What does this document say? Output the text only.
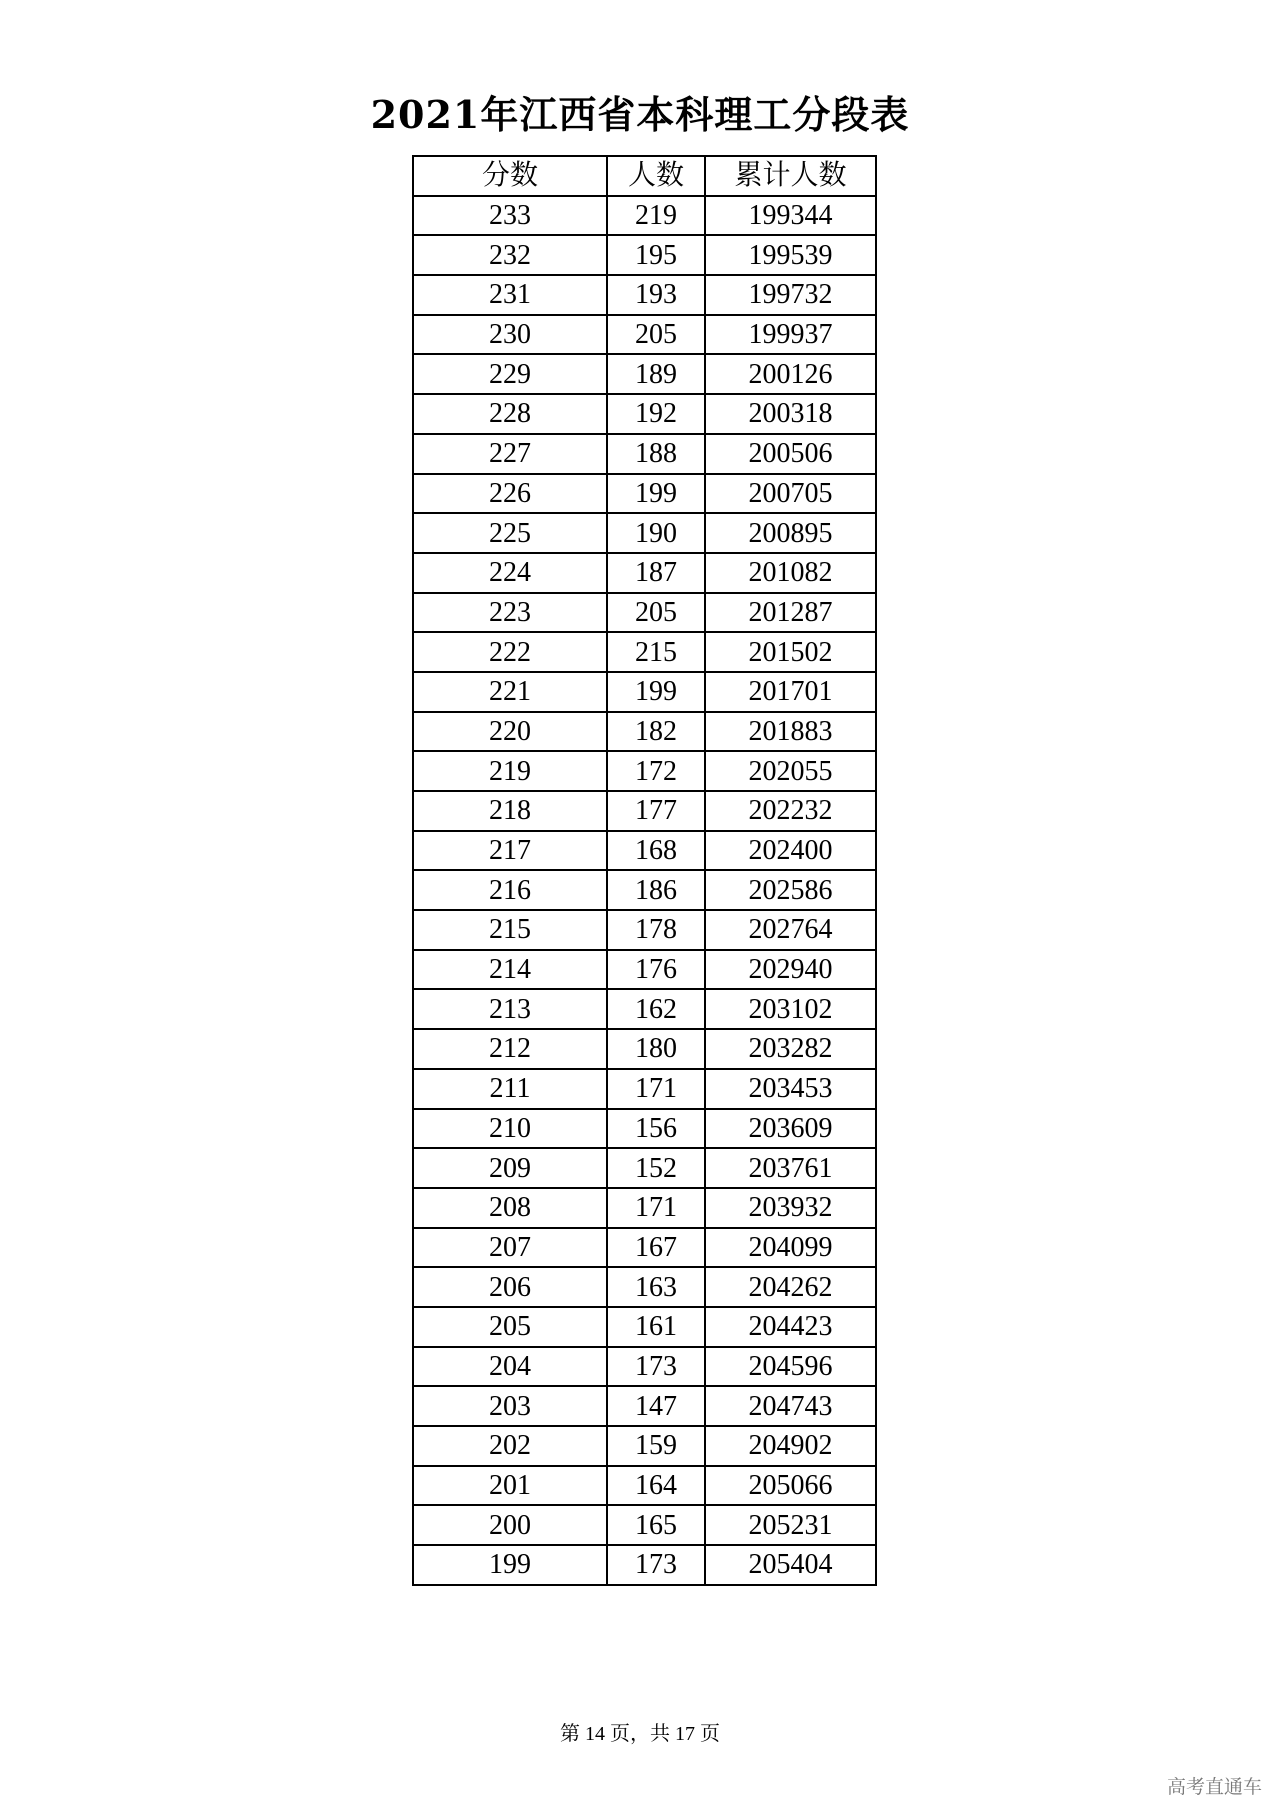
2021年江西省本科理工分段表
分数	人数	累计人数
233	219	199344
232	195	199539
231	193	199732
230	205	199937
229	189	200126
228	192	200318
227	188	200506
226	199	200705
225	190	200895
224	187	201082
223	205	201287
222	215	201502
221	199	201701
220	182	201883
219	172	202055
218	177	202232
217	168	202400
216	186	202586
215	178	202764
214	176	202940
213	162	203102
212	180	203282
211	171	203453
210	156	203609
209	152	203761
208	171	203932
207	167	204099
206	163	204262
205	161	204423
204	173	204596
203	147	204743
202	159	204902
201	164	205066
200	165	205231
199	173	205404
第 14 页，共 17 页
高考直通车
